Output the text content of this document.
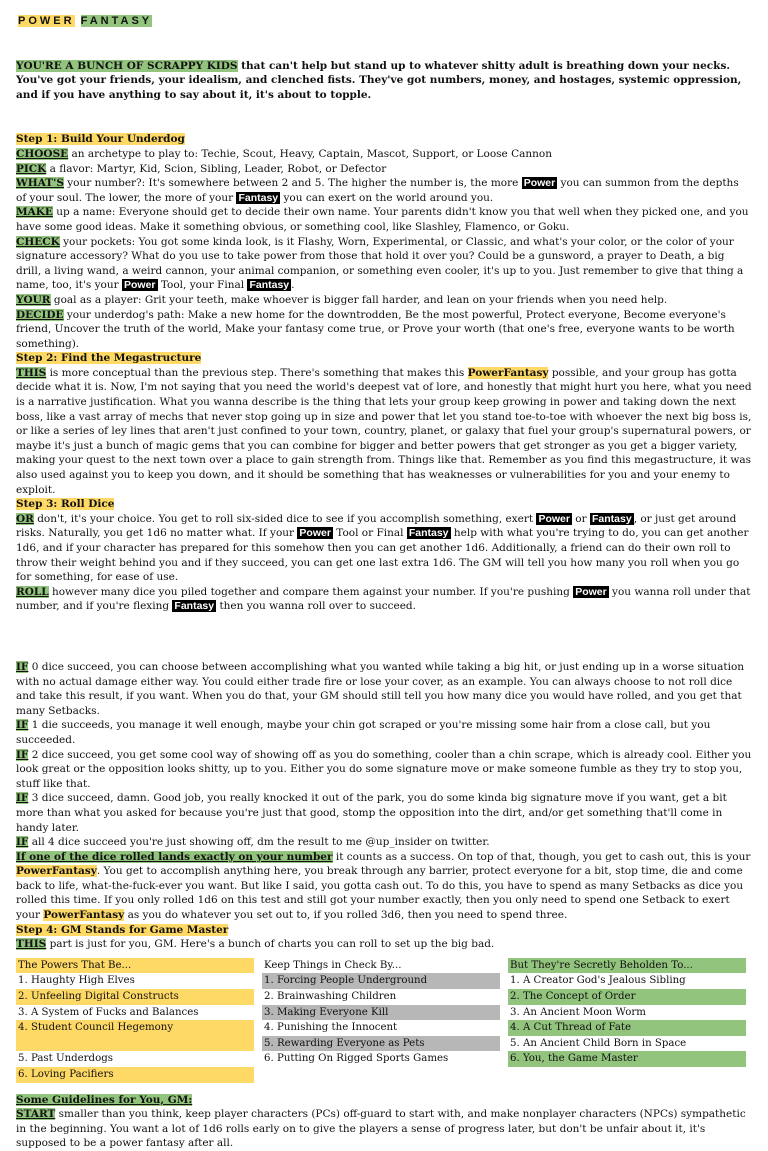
POWER FANTASY

YOU'RE A BUNCH OF SCRAPPY KIDS that can't help but stand up to whatever shitty adult is breathing down your necks. You've got your friends, your idealism, and clenched fists. They've got numbers, money, and hostages, systemic oppression, and if you have anything to say about it, it's about to topple.

Step 1: Build Your Underdog

CHOOSE an archetype to play to: Techie, Scout, Heavy, Captain, Mascot, Support, or Loose Cannon

PICK a flavor: Martyr, Kid, Scion, Sibling, Leader, Robot, or Defector

WHAT'S your number?: It's somewhere between 2 and 5. The higher the number is, the more Power you can summon from the depths of your soul. The lower, the more of your Fantasy you can exert on the world around you.

MAKE up a name: Everyone should get to decide their own name. Your parents didn't know you that well when they picked one, and you have some good ideas. Make it something obvious, or something cool, like Slashley, Flamenco, or Goku.

CHECK your pockets: You got some kinda look, is it Flashy, Worn, Experimental, or Classic, and what's your color, or the color of your signature accessory? What do you use to take power from those that hold it over you? Could be a gunsword, a prayer to Death, a big drill, a living wand, a weird cannon, your animal companion, or something even cooler, it's up to you. Just remember to give that thing a name, too, it's your Power Tool, your Final Fantasy .

YOUR goal as a player: Grit your teeth, make whoever is bigger fall harder, and lean on your friends when you need help.

DECIDE your underdog's path: Make a new home for the downtrodden, Be the most powerful, Protect everyone, Become everyone's friend, Uncover the truth of the world, Make your fantasy come true, or Prove your worth (that one's free, everyone wants to be worth something).

Step 2: Find the Megastructure

THIS is more conceptual than the previous step. There's something that makes this PowerFantasy possible, and your group has gotta decide what it is. Now, I'm not saying that you need the world's deepest vat of lore, and honestly that might hurt you here, what you need is a narrative justification. What you wanna describe is the thing that lets your group keep growing in power and taking down the next boss, like a vast array of mechs that never stop going up in size and power that let you stand toe-to-toe with whoever the next big boss is, or like a series of ley lines that aren't just confined to your town, country, planet, or galaxy that fuel your group's supernatural powers, or maybe it's just a bunch of magic gems that you can combine for bigger and better powers that get stronger as you get a bigger variety, making your quest to the next town over a place to gain strength from. Things like that. Remember as you find this megastructure, it was also used against you to keep you down, and it should be something that has weaknesses or vulnerabilities for you and your enemy to exploit.

Step 3: Roll Dice

OR don't, it's your choice. You get to roll six-sided dice to see if you accomplish something, exert Power or Fantasy , or just get around risks. Naturally, you get 1d6 no matter what. If your Power Tool or Final Fantasy help with what you're trying to do, you can get another 1d6, and if your character has prepared for this somehow then you can get another 1d6. Additionally, a friend can do their own roll to throw their weight behind you and if they succeed, you can get one last extra 1d6. The GM will tell you how many you roll when you go for something, for ease of use.

ROLL however many dice you piled together and compare them against your number. If you're pushing Power you wanna roll under that number, and if you're flexing Fantasy then you wanna roll over to succeed.

IF 0 dice succeed, you can choose between accomplishing what you wanted while taking a big hit, or just ending up in a worse situation with no actual damage either way. You could either trade fire or lose your cover, as an example. You can always choose to not roll dice and take this result, if you want. When you do that, your GM should still tell you how many dice you would have rolled, and you get that many Setbacks.

IF 1 die succeeds, you manage it well enough, maybe your chin got scraped or you're missing some hair from a close call, but you succeeded.

IF 2 dice succeed, you get some cool way of showing off as you do something, cooler than a chin scrape, which is already cool. Either you look great or the opposition looks shitty, up to you. Either you do some signature move or make someone fumble as they try to stop you, stuff like that.

IF 3 dice succeed, damn. Good job, you really knocked it out of the park, you do some kinda big signature move if you want, get a bit more than what you asked for because you're just that good, stomp the opposition into the dirt, and/or get something that'll come in handy later.

IF all 4 dice succeed you're just showing off, dm the result to me @up_insider on twitter.

If one of the dice rolled lands exactly on your number it counts as a success. On top of that, though, you get to cash out, this is your PowerFantasy. You get to accomplish anything here, you break through any barrier, protect everyone for a bit, stop time, die and come back to life, what-the-fuck-ever you want. But like I said, you gotta cash out. To do this, you have to spend as many Setbacks as dice you rolled this time. If you only rolled 1d6 on this test and still got your number exactly, then you only need to spend one Setback to exert your PowerFantasy as you do whatever you set out to, if you rolled 3d6, then you need to spend three.

Step 4: GM Stands for Game Master

THIS part is just for you, GM. Here's a bunch of charts you can roll to set up the big bad.

The Powers That Be...
1. Haughty High Elves
2. Unfeeling Digital Constructs
3. A System of Fucks and Balances
4. Student Council Hegemony
5. Past Underdogs
6. Loving Pacifiers
Keep Things in Check By...
1. Forcing People Underground
2. Brainwashing Children
3. Making Everyone Kill
4. Punishing the Innocent
5. Rewarding Everyone as Pets
6. Putting On Rigged Sports Games
But They're Secretly Beholden To...
1. A Creator God's Jealous Sibling
2. The Concept of Order
3. An Ancient Moon Worm
4. A Cut Thread of Fate
5. An Ancient Child Born in Space
6. You, the Game Master

Some Guidelines for You, GM:

START smaller than you think, keep player characters (PCs) off-guard to start with, and make nonplayer characters (NPCs) sympathetic in the beginning. You want a lot of 1d6 rolls early on to give the players a sense of progress later, but don't be unfair about it, it's supposed to be a power fantasy after all.
